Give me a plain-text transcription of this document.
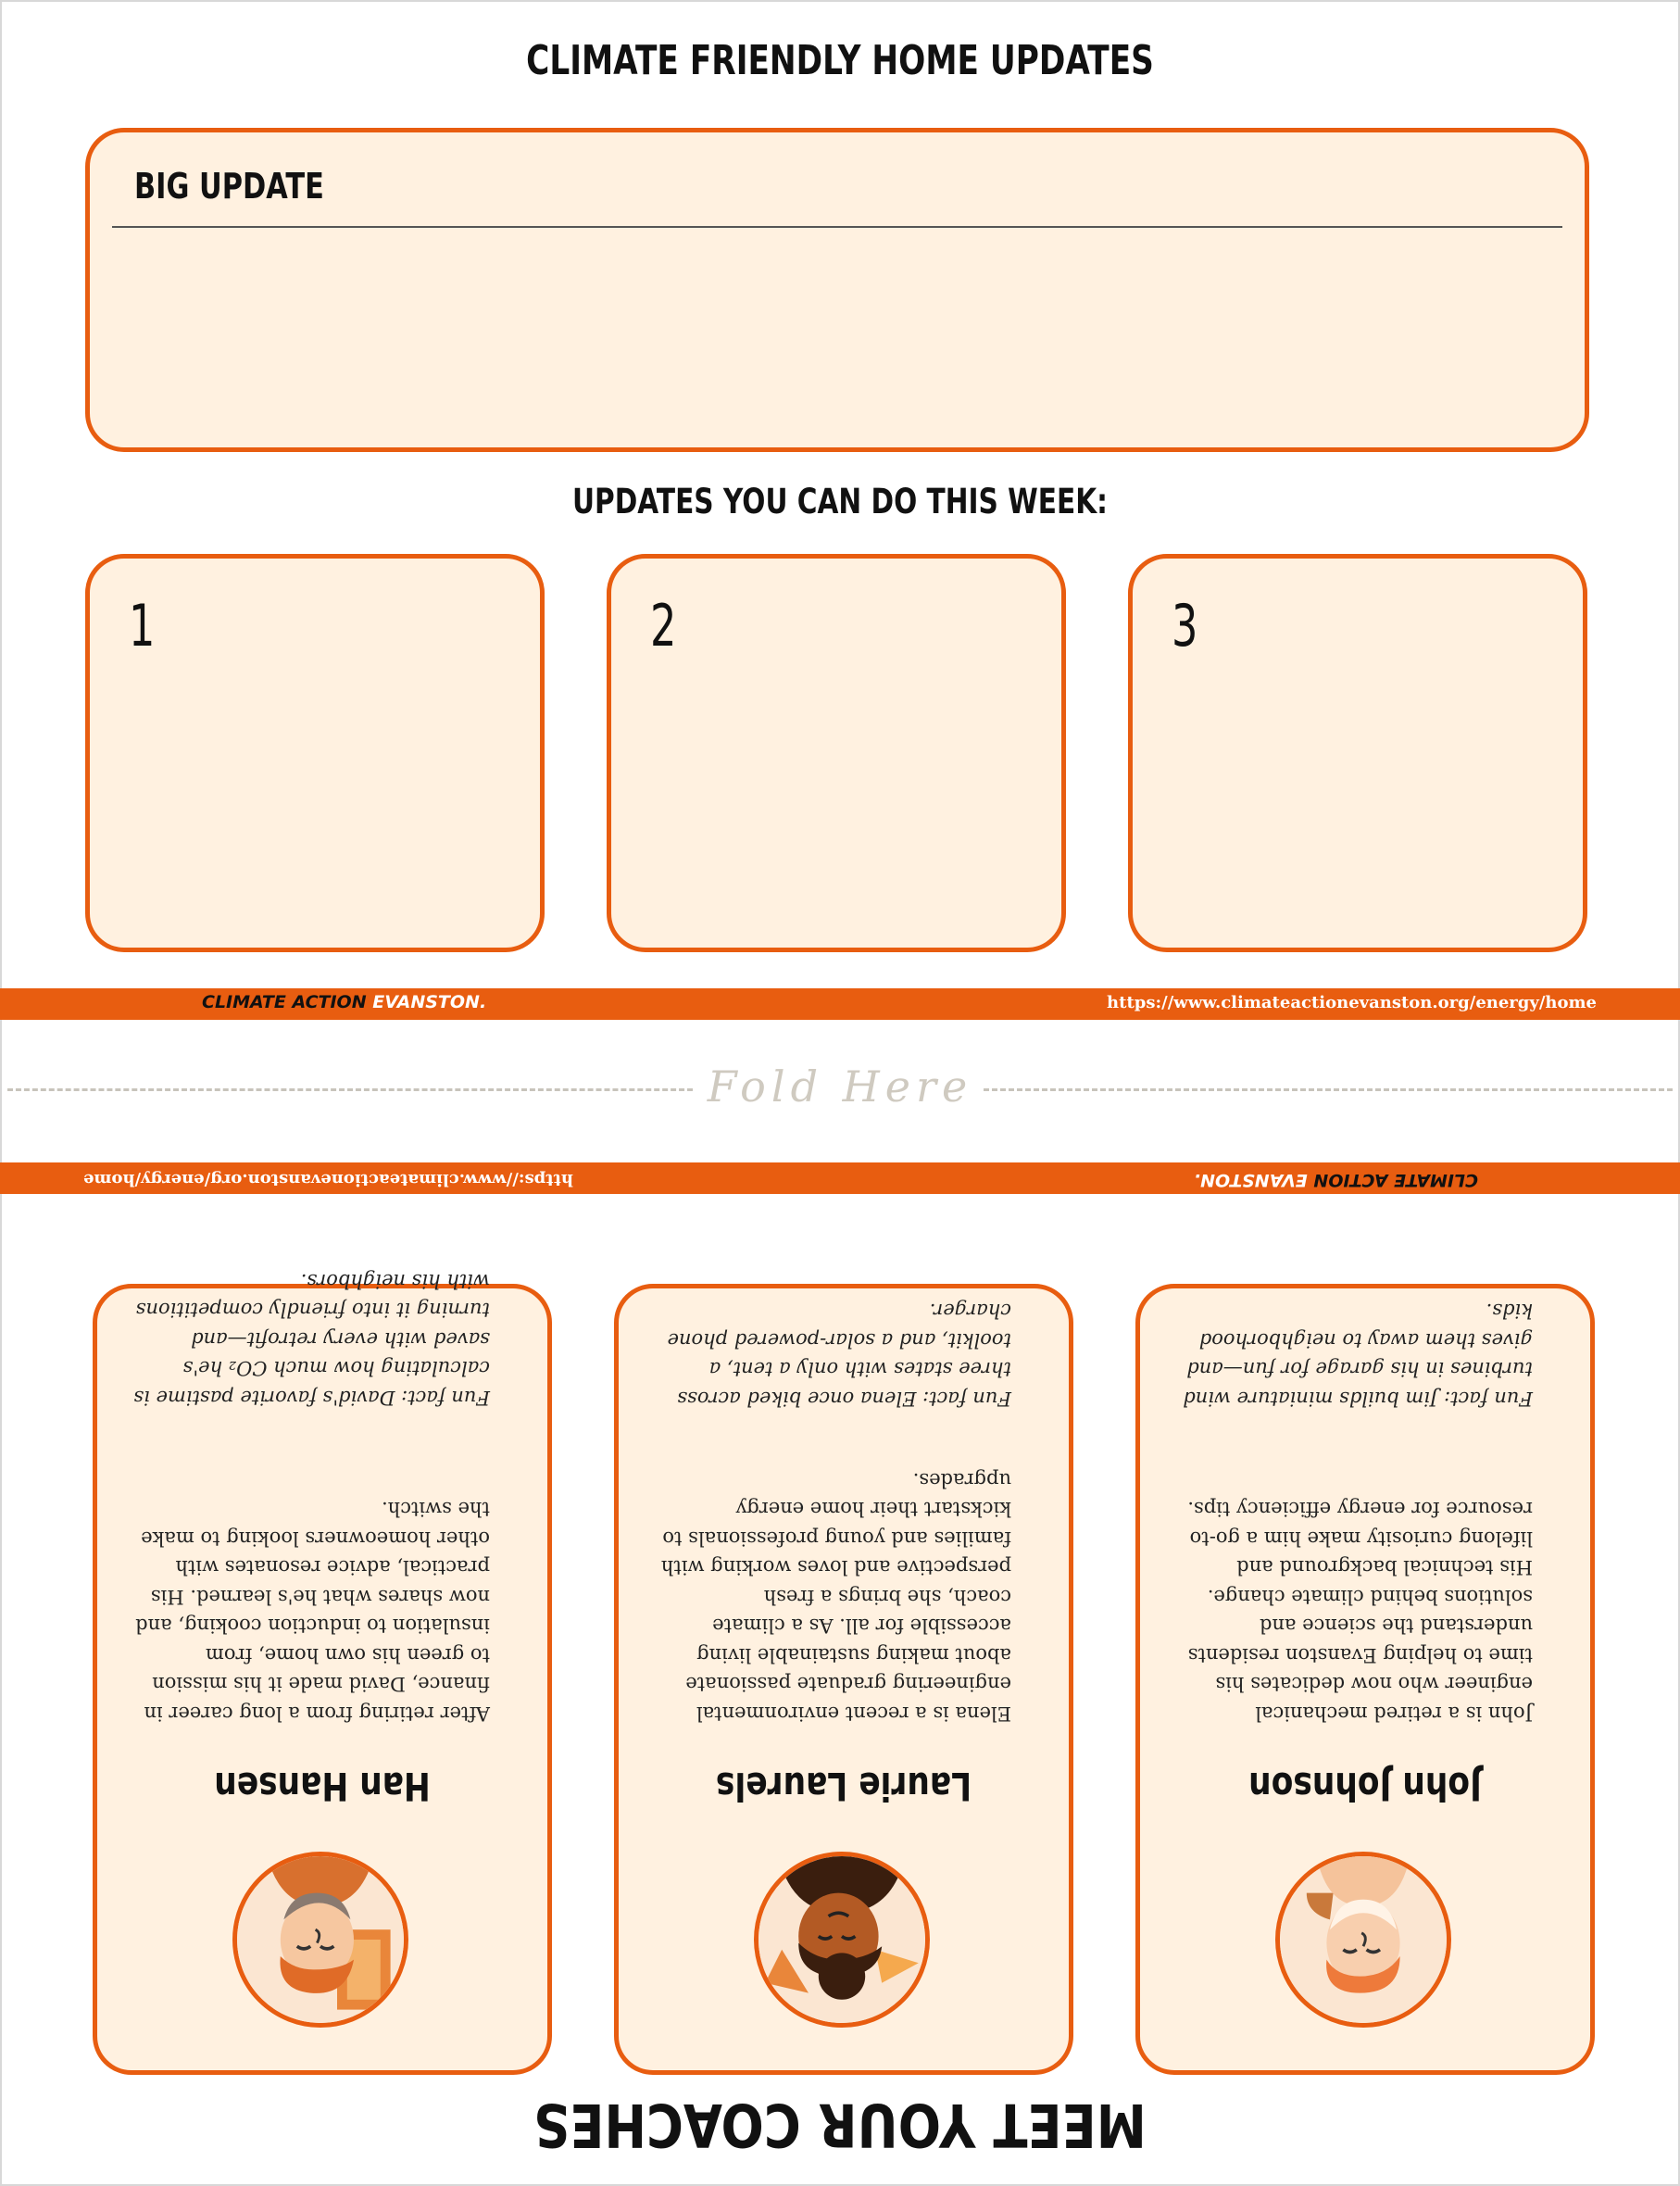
CLIMATE FRIENDLY HOME UPDATES
BIG UPDATE
UPDATES YOU CAN DO THIS WEEK:
1	2	3
CLIMATE ACTION EVANSTON.	https://www.climateactionevanston.org/energy/home
Fold Here
CLIMATE ACTION EVANSTON.
https://www.climateactionevanston.org/energy/home
MEET YOUR COACHES
John Johnson
John is a retired mechanical engineer who now dedicates his time to helping Evanston residents understand the science and solutions behind climate change. His technical background and lifelong curiosity make him a go-to resource for energy efficiency tips.
Fun fact: Jim builds miniature wind turbines in his garage for fun—and gives them away to neighborhood kids.
Laurie Laurels
Elena is a recent environmental engineering graduate passionate about making sustainable living accessible for all. As a climate coach, she brings a fresh perspective and loves working with families and young professionals to kickstart their home energy upgrades.
Fun fact: Elena once biked across three states with only a tent, a toolkit, and a solar-powered phone charger.
Han Hansen
After retiring from a long career in finance, David made it his mission to green his own home, from insulation to induction cooking, and now shares what he's learned. His practical, advice resonates with other homeowners looking to make the switch.
Fun fact: David's favorite pastime is calculating how much CO₂ he's saved with every retrofit—and turning it into friendly competitions with his neighbors.
